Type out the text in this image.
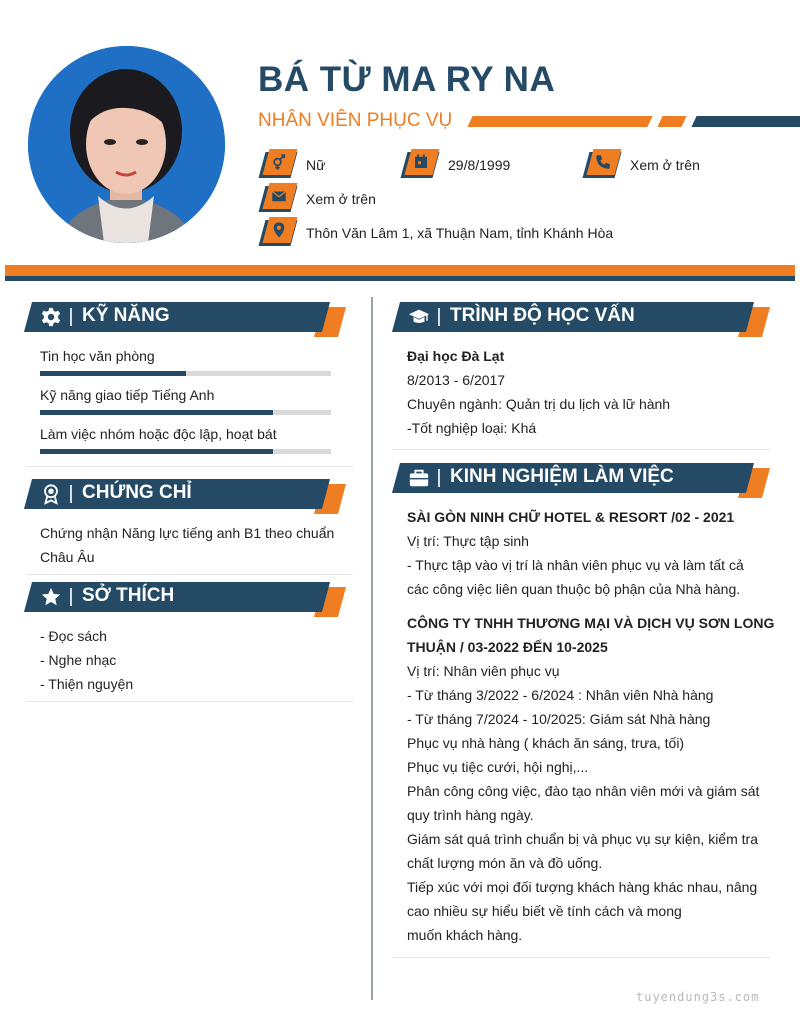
BÁ TỪ MA RY NA
NHÂN VIÊN PHỤC VỤ
Nữ	29/8/1999	Xem ở trên
Xem ở trên
Thôn Văn Lâm 1, xã Thuận Nam, tỉnh Khánh Hòa
KỸ NĂNG
Tin học văn phòng
Kỹ năng giao tiếp Tiếng Anh
Làm việc nhóm hoặc độc lập, hoạt bát
CHỨNG CHỈ
Chứng nhận Năng lực tiếng anh B1 theo chuẩn
Châu Âu
SỞ THÍCH
- Đọc sách
- Nghe nhạc
- Thiện nguyện
TRÌNH ĐỘ HỌC VẤN
Đại học Đà Lạt
8/2013 - 6/2017
Chuyên ngành: Quản trị du lịch và lữ hành
-Tốt nghiệp loại: Khá
KINH NGHIỆM LÀM VIỆC
SÀI GÒN NINH CHỮ HOTEL & RESORT /02 - 2021
Vị trí: Thực tập sinh
- Thực tập vào vị trí là nhân viên phục vụ và làm tất cả
các công việc liên quan thuộc bộ phận của Nhà hàng.
CÔNG TY TNHH THƯƠNG MẠI VÀ DỊCH VỤ SƠN LONG
THUẬN / 03-2022 ĐẾN 10-2025
Vị trí: Nhân viên phục vụ
- Từ tháng 3/2022 - 6/2024 : Nhân viên Nhà hàng
- Từ tháng 7/2024 - 10/2025: Giám sát Nhà hàng
Phục vụ nhà hàng ( khách ăn sáng, trưa, tối)
Phục vụ tiệc cưới, hội nghị,...
Phân công công việc, đào tạo nhân viên mới và giám sát
quy trình hàng ngày.
Giám sát quá trình chuẩn bị và phục vụ sự kiện, kiểm tra
chất lượng món ăn và đồ uống.
Tiếp xúc với mọi đối tượng khách hàng khác nhau, nâng
cao nhiều sự hiểu biết về tính cách và mong
muốn khách hàng.
tuyendung3s.com
